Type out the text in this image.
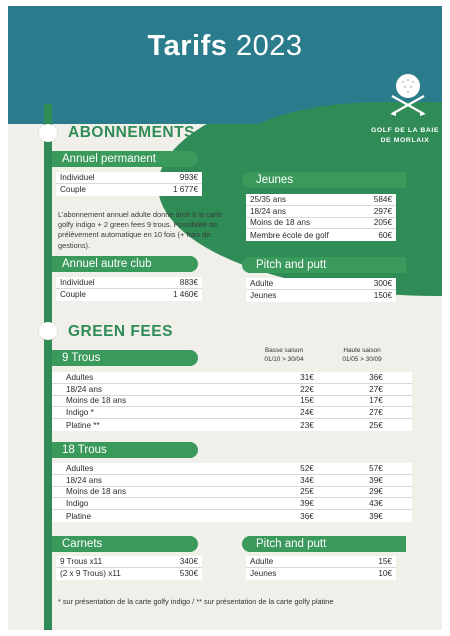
Tarifs 2023
GOLF DE LA BAIE
DE MORLAIX
ABONNEMENTS
Annuel permanent
Individuel	993€
Couple	1 677€
L’abonnement annuel adulte donne droit à la carte golfy indigo + 2 green fees 9 trous. Possibilité de prélèvement automatique en 10 fois (+ frais de gestions).
Jeunes
25/35 ans	584€
18/24 ans	297€
Moins de 18 ans	205€
Membre école de golf	60€
Annuel autre club
Individuel	883€
Couple	1 460€
Pitch and putt
Adulte	300€
Jeunes	150€
GREEN FEES
Basse saison
01/10 > 30/04
Haute saison
01/05 > 30/09
9 Trous
Adultes	31€	36€
18/24 ans	22€	27€
Moins de 18 ans	15€	17€
Indigo *	24€	27€
Platine **	23€	25€
18 Trous
Adultes	52€	57€
18/24 ans	34€	39€
Moins de 18 ans	25€	29€
Indigo	39€	43€
Platine	36€	39€
Carnets
9 Trous x11	340€
(2 x 9 Trous) x11	530€
Pitch and putt
Adulte	15€
Jeunes	10€
* sur présentation de la carte golfy indigo / ** sur présentation de la carte golfy platine
